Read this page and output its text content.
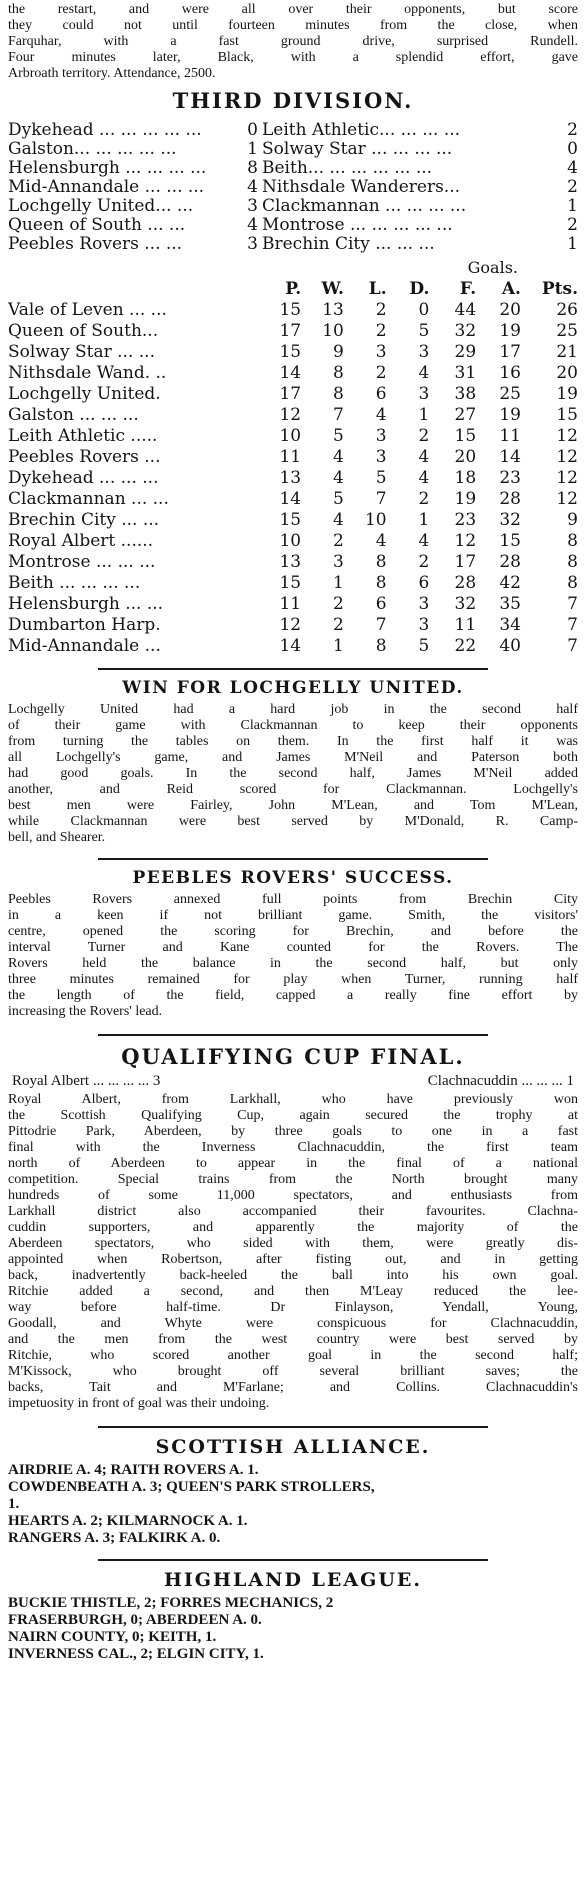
the restart, and were all over their opponents, but score

they could not until fourteen minutes from the close, when

Farquhar, with a fast ground drive, surprised Rundell.

Four minutes later, Black, with a splendid effort, gave

Arbroath territory. Attendance, 2500.

THIRD DIVISION.
Dykehead ... ... ... ... ...	0 Leith Athletic... ... ... ...	2
Galston... ... ... ... ...	1 Solway Star ... ... ... ...	0
Helensburgh ... ... ... ...	8 Beith... ... ... ... ... ...	4
Mid-Annandale ... ... ...	4 Nithsdale Wanderers...	2
Lochgelly United... ...	3 Clackmannan ... ... ... ...	1
Queen of South ... ...	4 Montrose ... ... ... ... ...	2
Peebles Rovers ... ...	3 Brechin City ... ... ...	1
Goals.
	P.	W.	L.	D.	F.	A.	Pts.
Vale of Leven ... ...	15	13	2	0	44	20	26
Queen of South...	17	10	2	5	32	19	25
Solway Star ... ...	15	9	3	3	29	17	21
Nithsdale Wand. ..	14	8	2	4	31	16	20
Lochgelly United.	17	8	6	3	38	25	19
Galston ... ... ...	12	7	4	1	27	19	15
Leith Athletic .....	10	5	3	2	15	11	12
Peebles Rovers ...	11	4	3	4	20	14	12
Dykehead ... ... ...	13	4	5	4	18	23	12
Clackmannan ... ...	14	5	7	2	19	28	12
Brechin City ... ...	15	4	10	1	23	32	9
Royal Albert ......	10	2	4	4	12	15	8
Montrose ... ... ...	13	3	8	2	17	28	8
Beith ... ... ... ...	15	1	8	6	28	42	8
Helensburgh ... ...	11	2	6	3	32	35	7
Dumbarton Harp.	12	2	7	3	11	34	7
Mid-Annandale ...	14	1	8	5	22	40	7
WIN FOR LOCHGELLY UNITED.

Lochgelly United had a hard job in the second half

of their game with Clackmannan to keep their opponents

from turning the tables on them. In the first half it was

all Lochgelly's game, and James M'Neil and Paterson both

had good goals. In the second half, James M'Neil added

another, and Reid scored for Clackmannan. Lochgelly's

best men were Fairley, John M'Lean, and Tom M'Lean,

while Clackmannan were best served by M'Donald, R. Camp-

bell, and Shearer.

PEEBLES ROVERS' SUCCESS.

Peebles Rovers annexed full points from Brechin City

in a keen if not brilliant game. Smith, the visitors'

centre, opened the scoring for Brechin, and before the

interval Turner and Kane counted for the Rovers. The

Rovers held the balance in the second half, but only

three minutes remained for play when Turner, running half

the length of the field, capped a really fine effort by

increasing the Rovers' lead.

QUALIFYING CUP FINAL.
Royal Albert ... ... ... ... 3	Clachnacuddin ... ... ... 1

Royal Albert, from Larkhall, who have previously won

the Scottish Qualifying Cup, again secured the trophy at

Pittodrie Park, Aberdeen, by three goals to one in a fast

final with the Inverness Clachnacuddin, the first team

north of Aberdeen to appear in the final of a national

competition. Special trains from the North brought many

hundreds of some 11,000 spectators, and enthusiasts from

Larkhall district also accompanied their favourites. Clachna-

cuddin supporters, and apparently the majority of the

Aberdeen spectators, who sided with them, were greatly dis-

appointed when Robertson, after fisting out, and in getting

back, inadvertently back-heeled the ball into his own goal.

Ritchie added a second, and then M'Leay reduced the lee-

way before half-time. Dr Finlayson, Yendall, Young,

Goodall, and Whyte were conspicuous for Clachnacuddin,

and the men from the west country were best served by

Ritchie, who scored another goal in the second half;

M'Kissock, who brought off several brilliant saves; the

backs, Tait and M'Farlane; and Collins. Clachnacuddin's

impetuosity in front of goal was their undoing.

SCOTTISH ALLIANCE.

AIRDRIE A. 4; RAITH ROVERS A. 1.

COWDENBEATH A. 3; QUEEN'S PARK STROLLERS,

1.

HEARTS A. 2; KILMARNOCK A. 1.

RANGERS A. 3; FALKIRK A. 0.

HIGHLAND LEAGUE.

BUCKIE THISTLE, 2; FORRES MECHANICS, 2

FRASERBURGH, 0; ABERDEEN A. 0.

NAIRN COUNTY, 0; KEITH, 1.

INVERNESS CAL., 2; ELGIN CITY, 1.
